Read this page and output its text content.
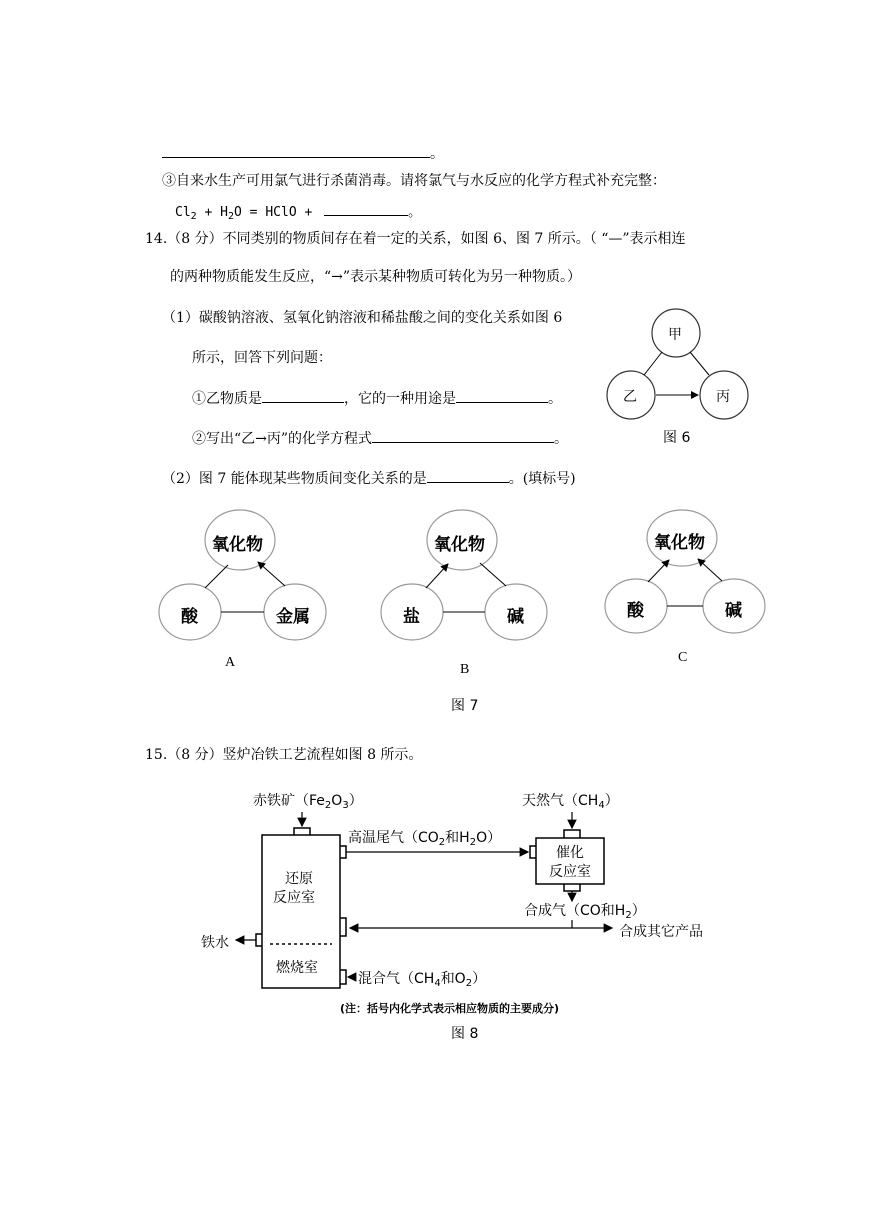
。
③自来水生产可用氯气进行杀菌消毒。请将氯气与水反应的化学方程式补充完整：
$Cl_2 + H_2O$ = HClO +	。
14.（8 分）不同类别的物质间存在着一定的关系，如图 6、图 7 所示。（ “—”表示相连
的两种物质能发生反应，“→”表示某种物质可转化为另一种物质。）
（1）碳酸钠溶液、氢氧化钠溶液和稀盐酸之间的变化关系如图 6
所示，回答下列问题：
①乙物质是	，它的一种用途是	。
②写出“乙→丙”的化学方程式	。
（2）图 7 能体现某些物质间变化关系的是	。(填标号)
甲
乙	丙
图 6
氧化物
酸	金属
A
氧化物
盐	碱
B
氧化物
酸	碱
C
图 7
15.（8 分）竖炉冶铁工艺流程如图 8 所示。
赤铁矿$(Fe_2O_3)$
高温尾气（$CO_2$和$H_2O$）
天然气$(CH_4)$
催化
反应室
还原
反应室
合成气（CO和$H_2$）
铁水
合成其它产品
燃烧室
混合气（$CH_4$和$O_2$）
(注：括号内化学式表示相应物质的主要成分)
图 8
